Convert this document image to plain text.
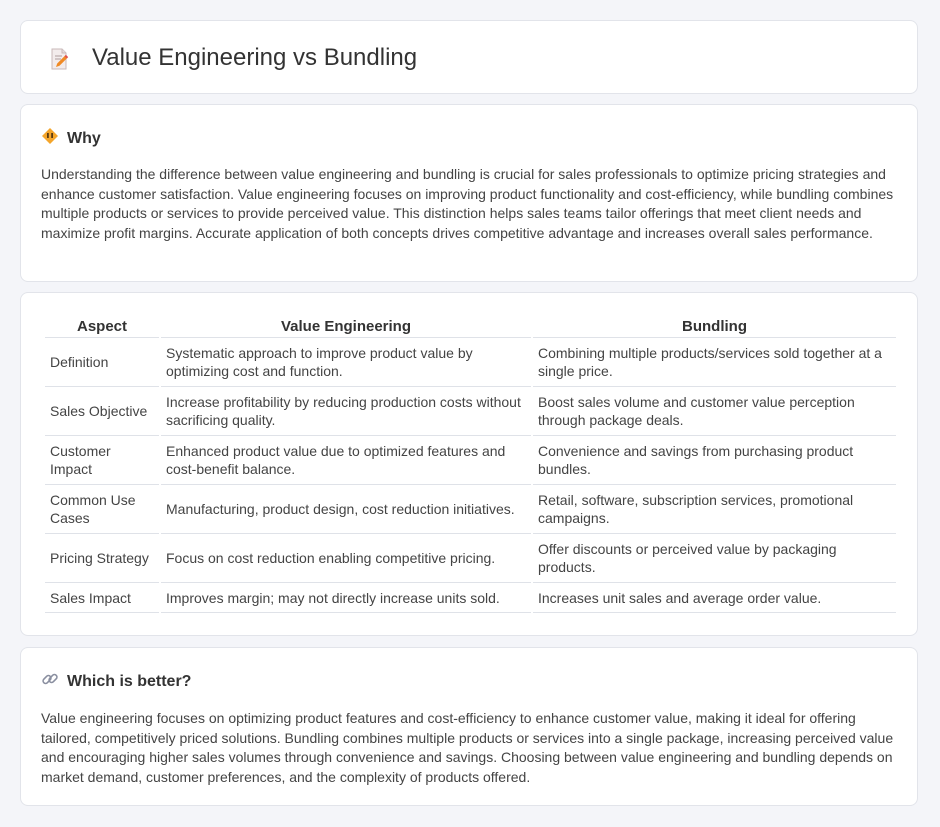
Value Engineering vs Bundling
Why

Understanding the difference between value engineering and bundling is crucial for sales professionals to optimize pricing strategies and enhance customer satisfaction. Value engineering focuses on improving product functionality and cost-efficiency, while bundling combines multiple products or services to provide perceived value. This distinction helps sales teams tailor offerings that meet client needs and maximize profit margins. Accurate application of both concepts drives competitive advantage and increases overall sales performance.

Aspect	Value Engineering	Bundling
Definition	Systematic approach to improve product value by optimizing cost and function.	Combining multiple products/services sold together at a single price.
Sales Objective	Increase profitability by reducing production costs without sacrificing quality.	Boost sales volume and customer value perception through package deals.
Customer Impact	Enhanced product value due to optimized features and cost-benefit balance.	Convenience and savings from purchasing product bundles.
Common Use Cases	Manufacturing, product design, cost reduction initiatives.	Retail, software, subscription services, promotional campaigns.
Pricing Strategy	Focus on cost reduction enabling competitive pricing.	Offer discounts or perceived value by packaging products.
Sales Impact	Improves margin; may not directly increase units sold.	Increases unit sales and average order value.
Which is better?

Value engineering focuses on optimizing product features and cost-efficiency to enhance customer value, making it ideal for offering tailored, competitively priced solutions. Bundling combines multiple products or services into a single package, increasing perceived value and encouraging higher sales volumes through convenience and savings. Choosing between value engineering and bundling depends on market demand, customer preferences, and the complexity of products offered.
